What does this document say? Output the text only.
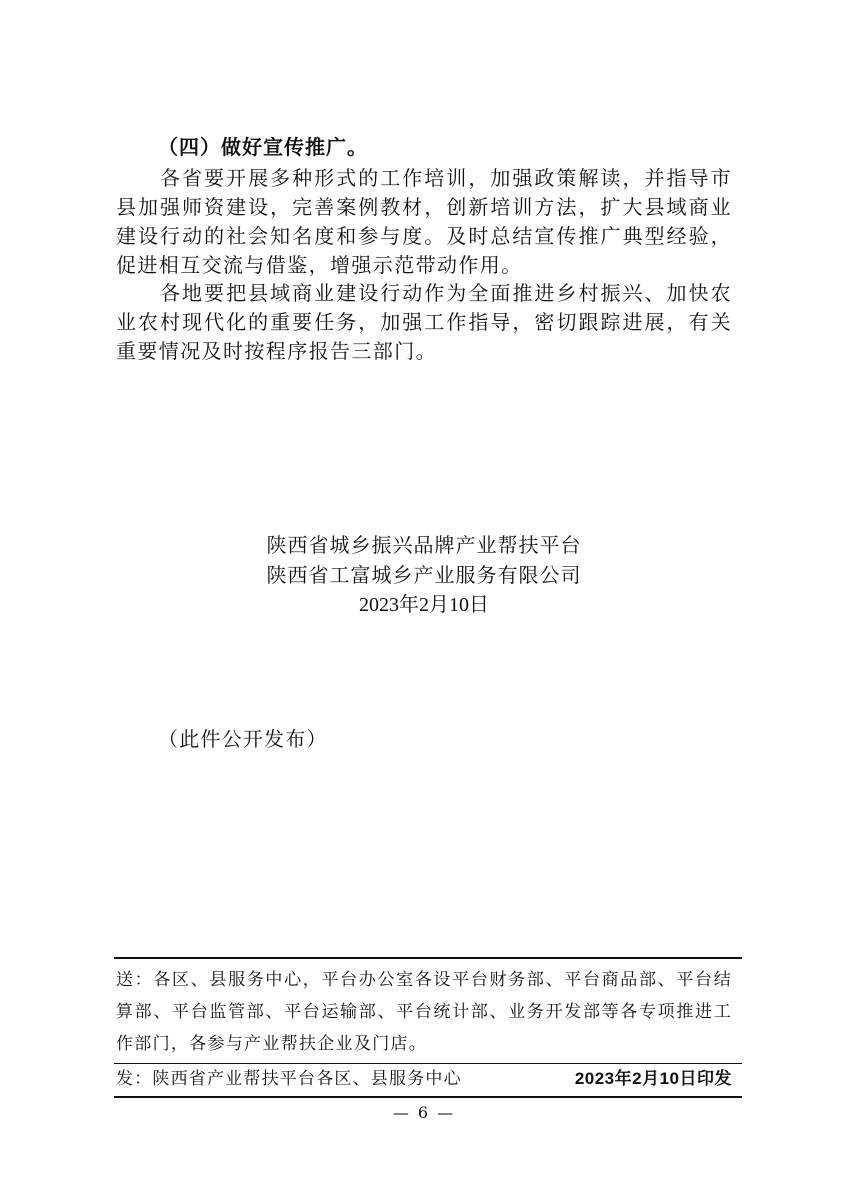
（四）做好宣传推广。
各省要开展多种形式的工作培训，加强政策解读，并指导市县加强师资建设，完善案例教材，创新培训方法，扩大县域商业建设行动的社会知名度和参与度。及时总结宣传推广典型经验，促进相互交流与借鉴，增强示范带动作用。
各地要把县域商业建设行动作为全面推进乡村振兴、加快农业农村现代化的重要任务，加强工作指导，密切跟踪进展，有关重要情况及时按程序报告三部门。
陕西省城乡振兴品牌产业帮扶平台
陕西省工富城乡产业服务有限公司
2023年2月10日
（此件公开发布）
送：各区、县服务中心，平台办公室各设平台财务部、平台商品部、平台结算部、平台监管部、平台运输部、平台统计部、业务开发部等各专项推进工作部门，各参与产业帮扶企业及门店。
发：陕西省产业帮扶平台各区、县服务中心	2023年2月10日印发
— 6 —
